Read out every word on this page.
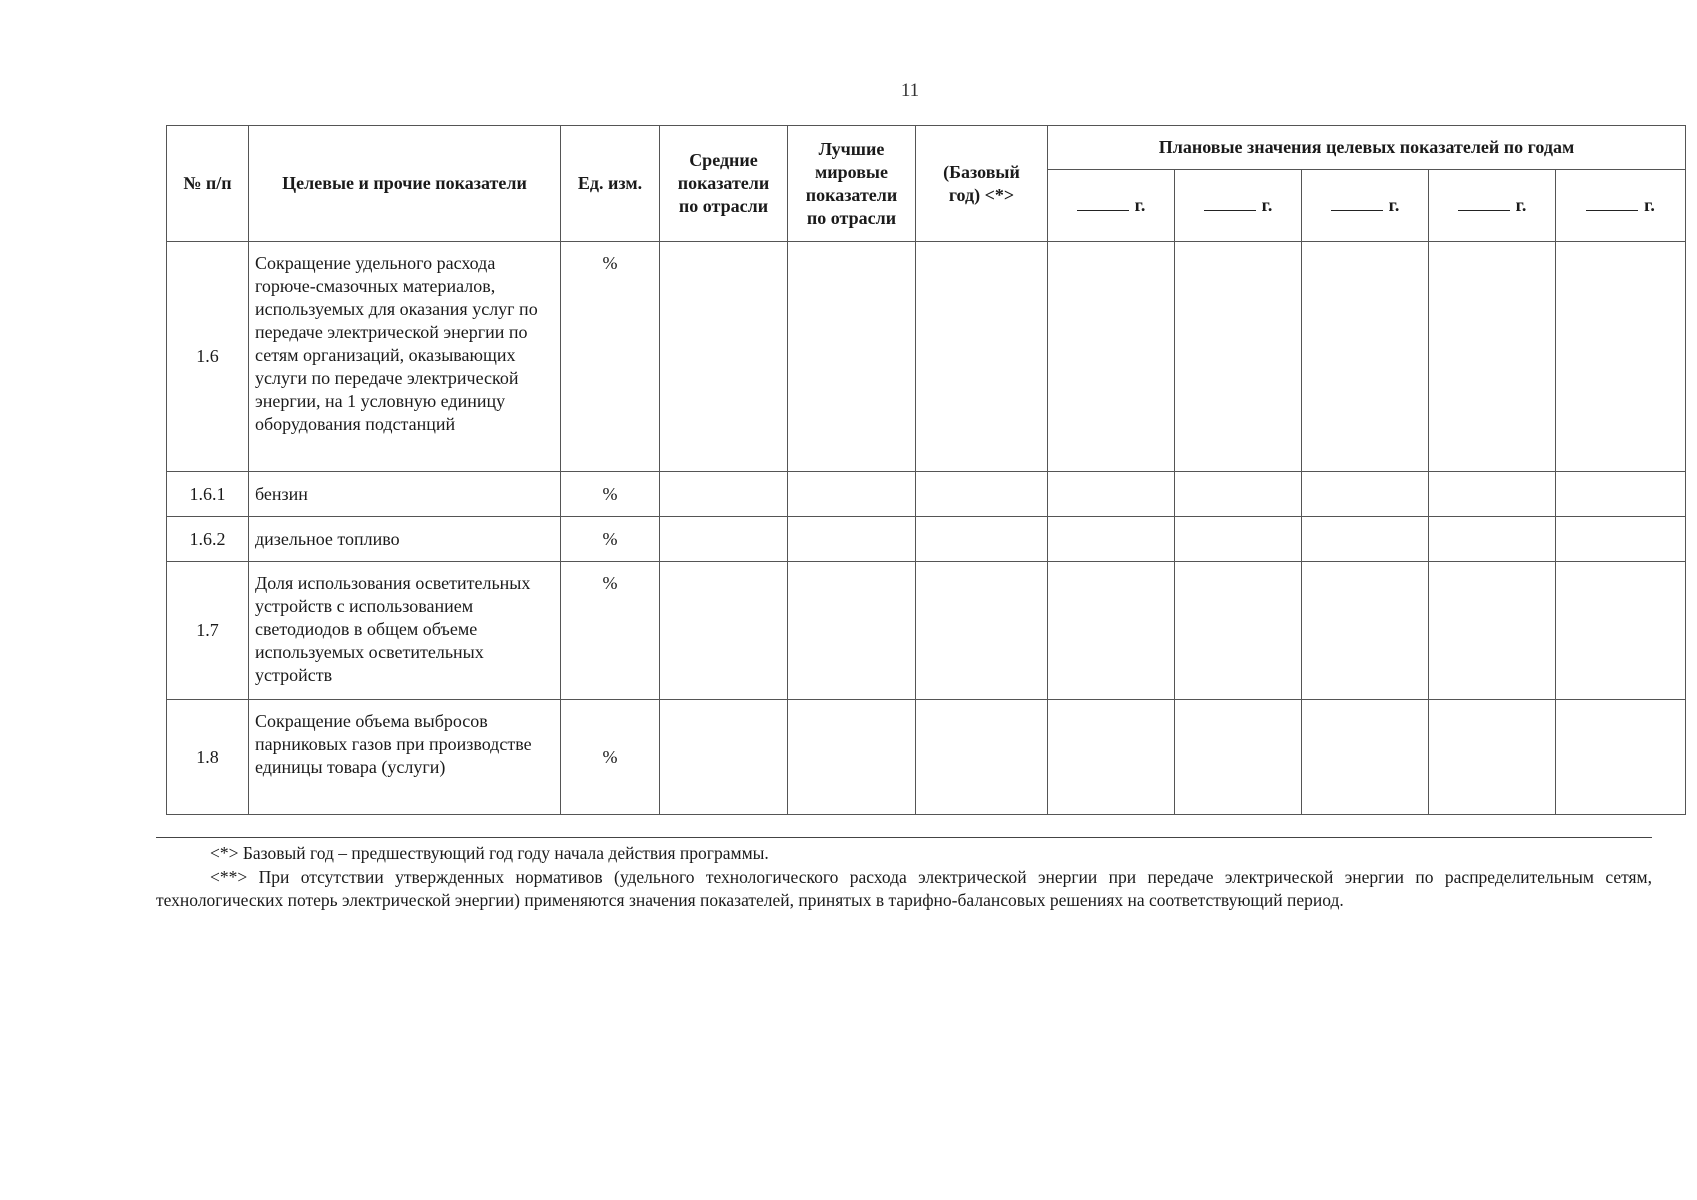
11
№ п/п	Целевые и прочие показатели	Ед. изм.	Средние показатели по отрасли	Лучшие мировые показатели по отрасли	(Базовый год) <*>	Плановые значения целевых показателей по годам				
						г.	г.	г.	г.	г.
1.6	Сокращение удельного расхода горюче-смазочных материалов, используемых для оказания услуг по передаче электрической энергии по сетям организаций, оказывающих услуги по передаче электрической энергии, на 1 условную единицу оборудования подстанций	%								
1.6.1	бензин	%								
1.6.2	дизельное топливо	%								
1.7	Доля использования осветительных устройств с использованием светодиодов в общем объеме используемых осветительных устройств	%								
1.8	Сокращение объема выбросов парниковых газов при производстве единицы товара (услуги)	%								

<*> Базовый год – предшествующий год году начала действия программы.

<**> При отсутствии утвержденных нормативов (удельного технологического расхода электрической энергии при передаче электрической энергии по распределительным сетям, технологических потерь электрической энергии) применяются значения показателей, принятых в тарифно-балансовых решениях на соответствующий период.
